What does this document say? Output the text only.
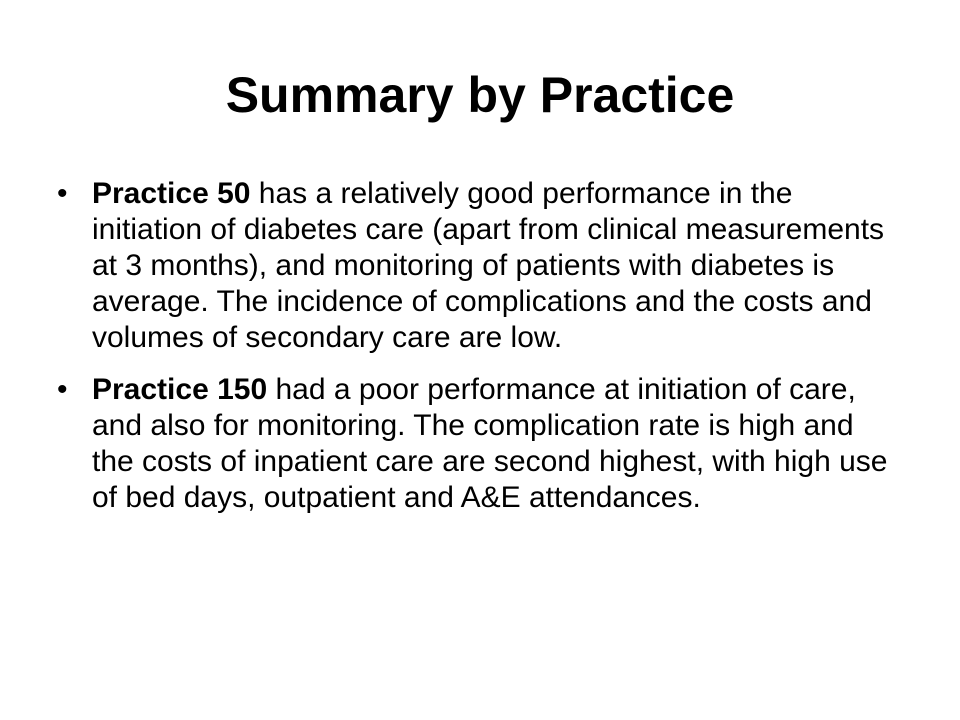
Summary by Practice
• Practice 50 has a relatively good performance in the initiation of diabetes care (apart from clinical measurements at 3 months), and monitoring of patients with diabetes is average. The incidence of complications and the costs and volumes of secondary care are low.
• Practice 150 had a poor performance at initiation of care, and also for monitoring. The complication rate is high and the costs of inpatient care are second highest, with high use of bed days, outpatient and A&E attendances.
